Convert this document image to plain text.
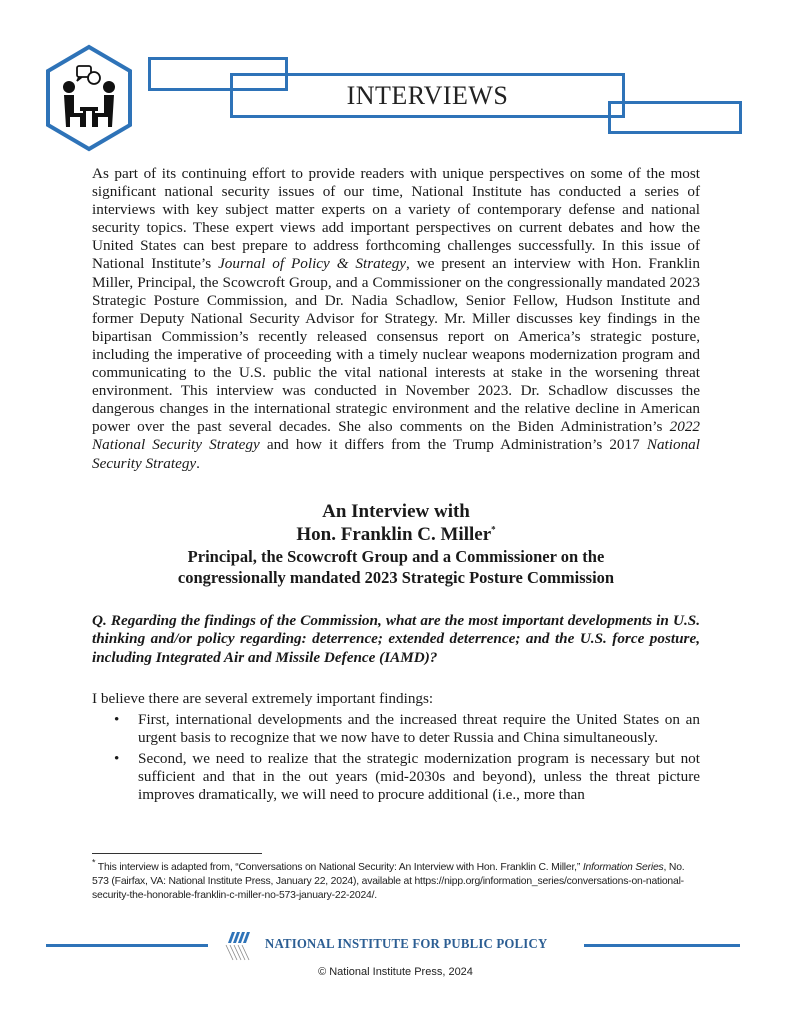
INTERVIEWS
As part of its continuing effort to provide readers with unique perspectives on some of the most significant national security issues of our time, National Institute has conducted a series of interviews with key subject matter experts on a variety of contemporary defense and national security topics. These expert views add important perspectives on current debates and how the United States can best prepare to address forthcoming challenges successfully. In this issue of National Institute’s Journal of Policy & Strategy, we present an interview with Hon. Franklin Miller, Principal, the Scowcroft Group, and a Commissioner on the congressionally mandated 2023 Strategic Posture Commission, and Dr. Nadia Schadlow, Senior Fellow, Hudson Institute and former Deputy National Security Advisor for Strategy. Mr. Miller discusses key findings in the bipartisan Commission’s recently released consensus report on America’s strategic posture, including the imperative of proceeding with a timely nuclear weapons modernization program and communicating to the U.S. public the vital national interests at stake in the worsening threat environment. This interview was conducted in November 2023. Dr. Schadlow discusses the dangerous changes in the international strategic environment and the relative decline in American power over the past several decades. She also comments on the Biden Administration’s 2022 National Security Strategy and how it differs from the Trump Administration’s 2017 National Security Strategy.
An Interview with
Hon. Franklin C. Miller*
Principal, the Scowcroft Group and a Commissioner on the
congressionally mandated 2023 Strategic Posture Commission
Q. Regarding the findings of the Commission, what are the most important developments in U.S. thinking and/or policy regarding: deterrence; extended deterrence; and the U.S. force posture, including Integrated Air and Missile Defence (IAMD)?
I believe there are several extremely important findings:
• First, international developments and the increased threat require the United States on an urgent basis to recognize that we now have to deter Russia and China simultaneously.
• Second, we need to realize that the strategic modernization program is necessary but not sufficient and that in the out years (mid-2030s and beyond), unless the threat picture improves dramatically, we will need to procure additional (i.e., more than
* This interview is adapted from, “Conversations on National Security: An Interview with Hon. Franklin C. Miller,” Information Series, No. 573 (Fairfax, VA: National Institute Press, January 22, 2024), available at https://nipp.org/information_series/conversations-on-national-security-the-honorable-franklin-c-miller-no-573-january-22-2024/.
NATIONAL INSTITUTE FOR PUBLIC POLICY
© National Institute Press, 2024
